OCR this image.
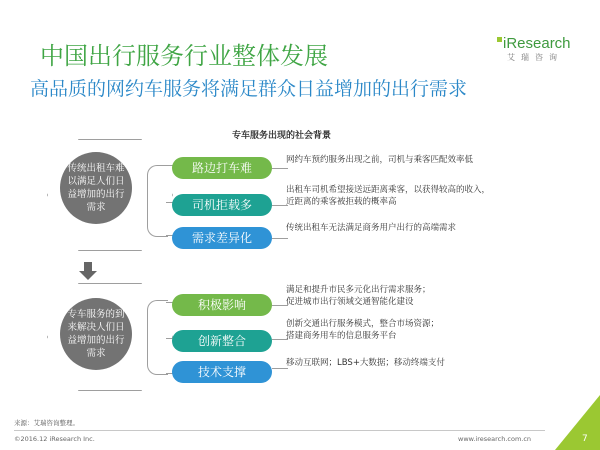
中国出行服务行业整体发展
高品质的网约车服务将满足群众日益增加的出行需求
iResearch
艾瑞咨询
专车服务出现的社会背景
传统出租车难以满足人们日益增加的出行需求
路边打车难
网约车预约服务出现之前，司机与乘客匹配效率低
司机拒载多
出租车司机希望接送远距离乘客，以获得较高的收入，
近距离的乘客被拒载的概率高
需求差异化
传统出租车无法满足商务用户出行的高端需求
专车服务的到来解决人们日益增加的出行需求
积极影响
满足和提升市民多元化出行需求服务；
促进城市出行领域交通智能化建设
创新整合
创新交通出行服务模式，整合市场资源；
搭建商务用车的信息服务平台
技术支撑
移动互联网；LBS+大数据；移动终端支付
来源：艾瑞咨询整理。
©2016.12 iResearch Inc.	www.iresearch.com.cn	7
